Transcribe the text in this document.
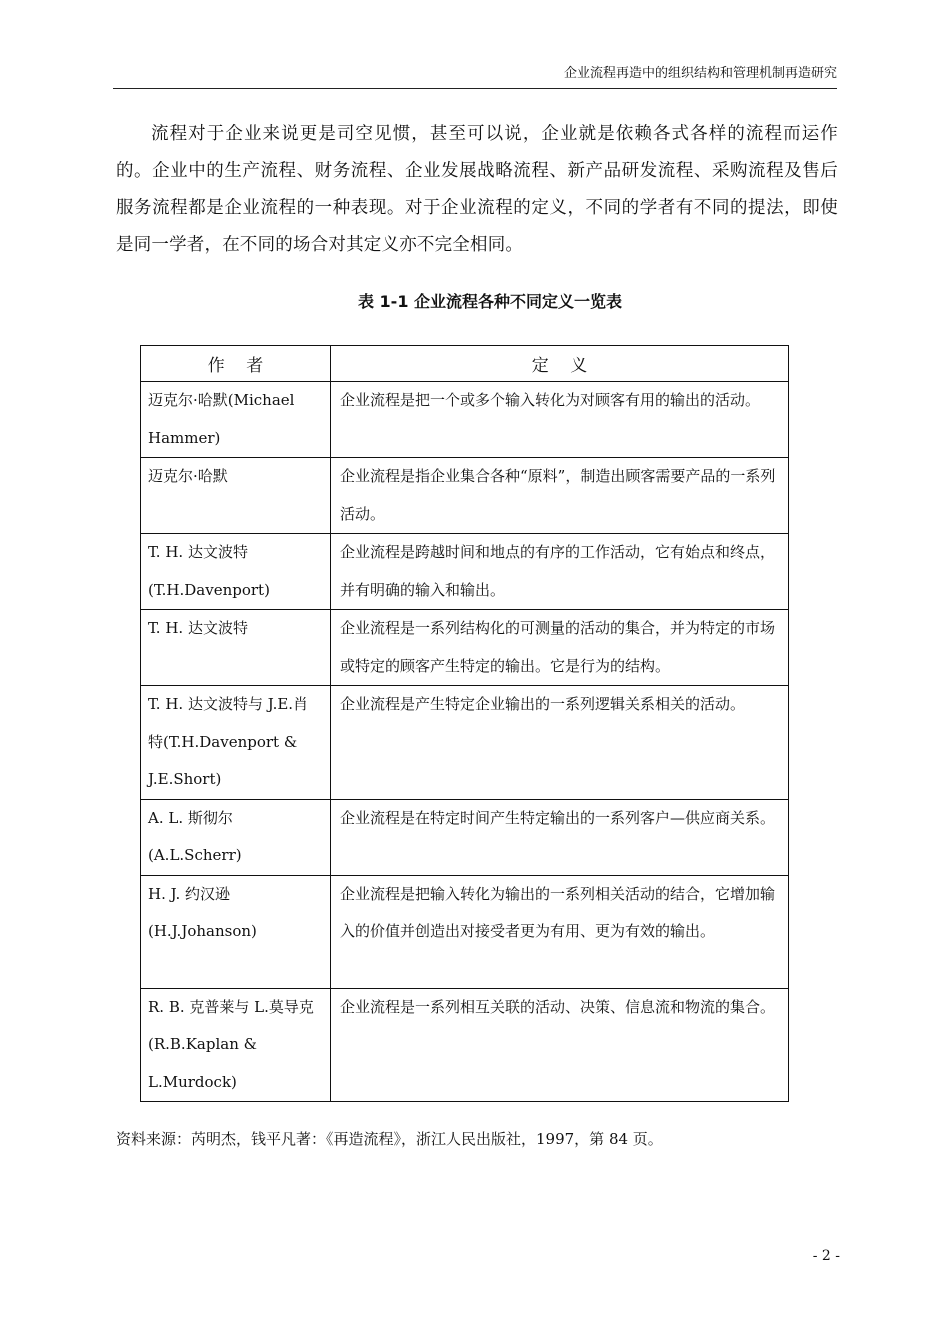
企业流程再造中的组织结构和管理机制再造研究

流程对于企业来说更是司空见惯，甚至可以说，企业就是依赖各式各样的流程而运作的。企业中的生产流程、财务流程、企业发展战略流程、新产品研发流程、采购流程及售后服务流程都是企业流程的一种表现。对于企业流程的定义，不同的学者有不同的提法，即使是同一学者，在不同的场合对其定义亦不完全相同。

表 1-1 企业流程各种不同定义一览表
作    者	定    义
迈克尔·哈默(Michael Hammer)	企业流程是把一个或多个输入转化为对顾客有用的输出的活动。
迈克尔·哈默	企业流程是指企业集合各种“原料”，制造出顾客需要产品的一系列活动。
T. H. 达文波特 (T.H.Davenport)	企业流程是跨越时间和地点的有序的工作活动，它有始点和终点，并有明确的输入和输出。
T. H. 达文波特	企业流程是一系列结构化的可测量的活动的集合，并为特定的市场或特定的顾客产生特定的输出。它是行为的结构。
T. H. 达文波特与 J.E.肖特(T.H.Davenport & J.E.Short)	企业流程是产生特定企业输出的一系列逻辑关系相关的活动。
A. L. 斯彻尔 (A.L.Scherr)	企业流程是在特定时间产生特定输出的一系列客户—供应商关系。
H. J. 约汉逊 (H.J.Johanson)	企业流程是把输入转化为输出的一系列相关活动的结合，它增加输入的价值并创造出对接受者更为有用、更为有效的输出。
R. B. 克普莱与 L.莫导克(R.B.Kaplan & L.Murdock)	企业流程是一系列相互关联的活动、决策、信息流和物流的集合。
资料来源：芮明杰，钱平凡著：《再造流程》，浙江人民出版社，1997，第 84 页。
- 2 -
